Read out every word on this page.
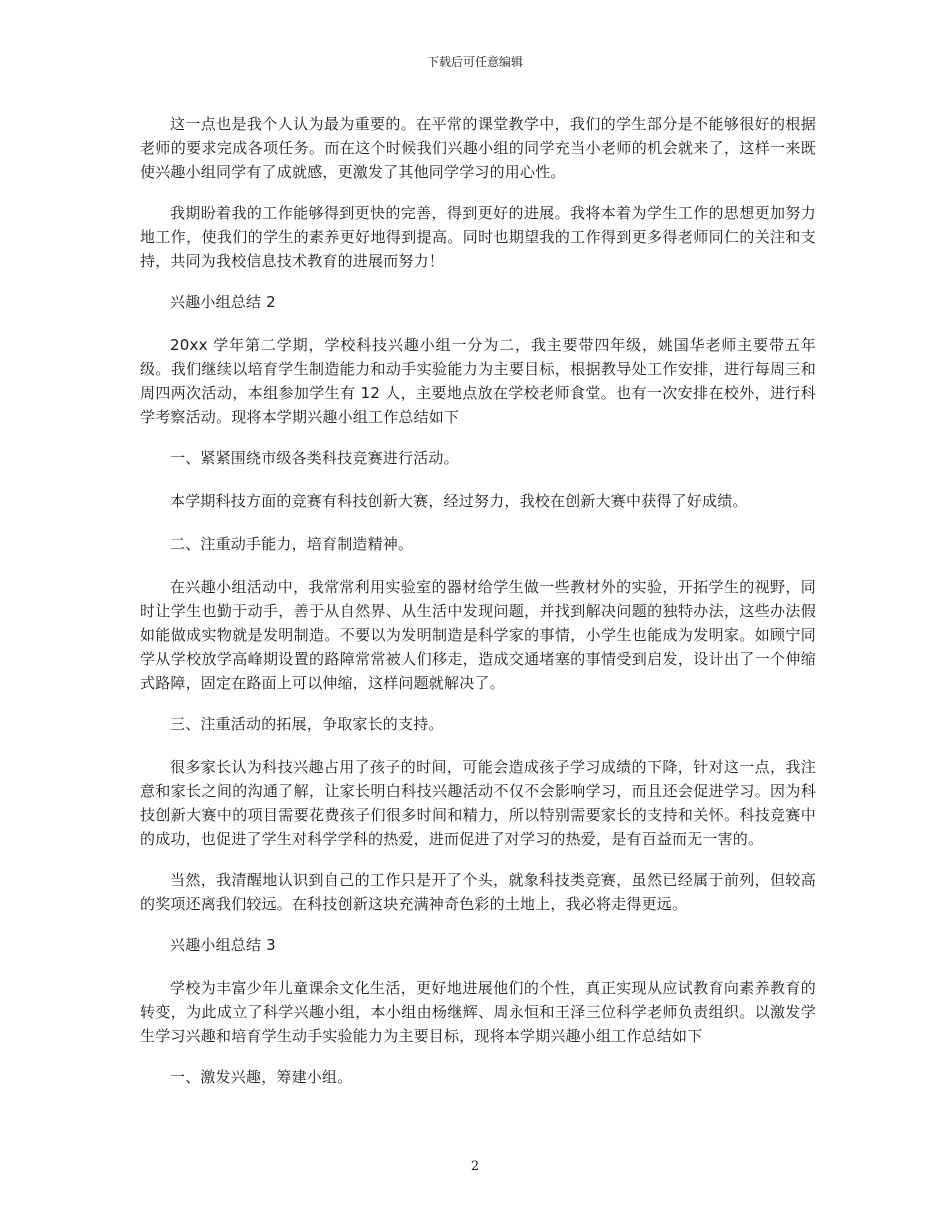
下载后可任意编辑

这一点也是我个人认为最为重要的。在平常的课堂教学中，我们的学生部分是不能够很好的根据老师的要求完成各项任务。而在这个时候我们兴趣小组的同学充当小老师的机会就来了，这样一来既使兴趣小组同学有了成就感，更激发了其他同学学习的用心性。

我期盼着我的工作能够得到更快的完善，得到更好的进展。我将本着为学生工作的思想更加努力地工作，使我们的学生的素养更好地得到提高。同时也期望我的工作得到更多得老师同仁的关注和支持，共同为我校信息技术教育的进展而努力！

兴趣小组总结 2

20xx 学年第二学期，学校科技兴趣小组一分为二，我主要带四年级，姚国华老师主要带五年级。我们继续以培育学生制造能力和动手实验能力为主要目标，根据教导处工作安排，进行每周三和周四两次活动，本组参加学生有 12 人，主要地点放在学校老师食堂。也有一次安排在校外，进行科学考察活动。现将本学期兴趣小组工作总结如下

一、紧紧围绕市级各类科技竞赛进行活动。

本学期科技方面的竞赛有科技创新大赛，经过努力，我校在创新大赛中获得了好成绩。

二、注重动手能力，培育制造精神。

在兴趣小组活动中，我常常利用实验室的器材给学生做一些教材外的实验，开拓学生的视野，同时让学生也勤于动手，善于从自然界、从生活中发现问题，并找到解决问题的独特办法，这些办法假如能做成实物就是发明制造。不要以为发明制造是科学家的事情，小学生也能成为发明家。如顾宁同学从学校放学高峰期设置的路障常常被人们移走，造成交通堵塞的事情受到启发，设计出了一个伸缩式路障，固定在路面上可以伸缩，这样问题就解决了。

三、注重活动的拓展，争取家长的支持。

很多家长认为科技兴趣占用了孩子的时间，可能会造成孩子学习成绩的下降，针对这一点，我注意和家长之间的沟通了解，让家长明白科技兴趣活动不仅不会影响学习，而且还会促进学习。因为科技创新大赛中的项目需要花费孩子们很多时间和精力，所以特别需要家长的支持和关怀。科技竞赛中的成功，也促进了学生对科学学科的热爱，进而促进了对学习的热爱，是有百益而无一害的。

当然，我清醒地认识到自己的工作只是开了个头，就象科技类竞赛，虽然已经属于前列，但较高的奖项还离我们较远。在科技创新这块充满神奇色彩的土地上，我必将走得更远。

兴趣小组总结 3

学校为丰富少年儿童课余文化生活，更好地进展他们的个性，真正实现从应试教育向素养教育的转变，为此成立了科学兴趣小组，本小组由杨继辉、周永恒和王泽三位科学老师负责组织。以激发学生学习兴趣和培育学生动手实验能力为主要目标，现将本学期兴趣小组工作总结如下

一、激发兴趣，筹建小组。

2
